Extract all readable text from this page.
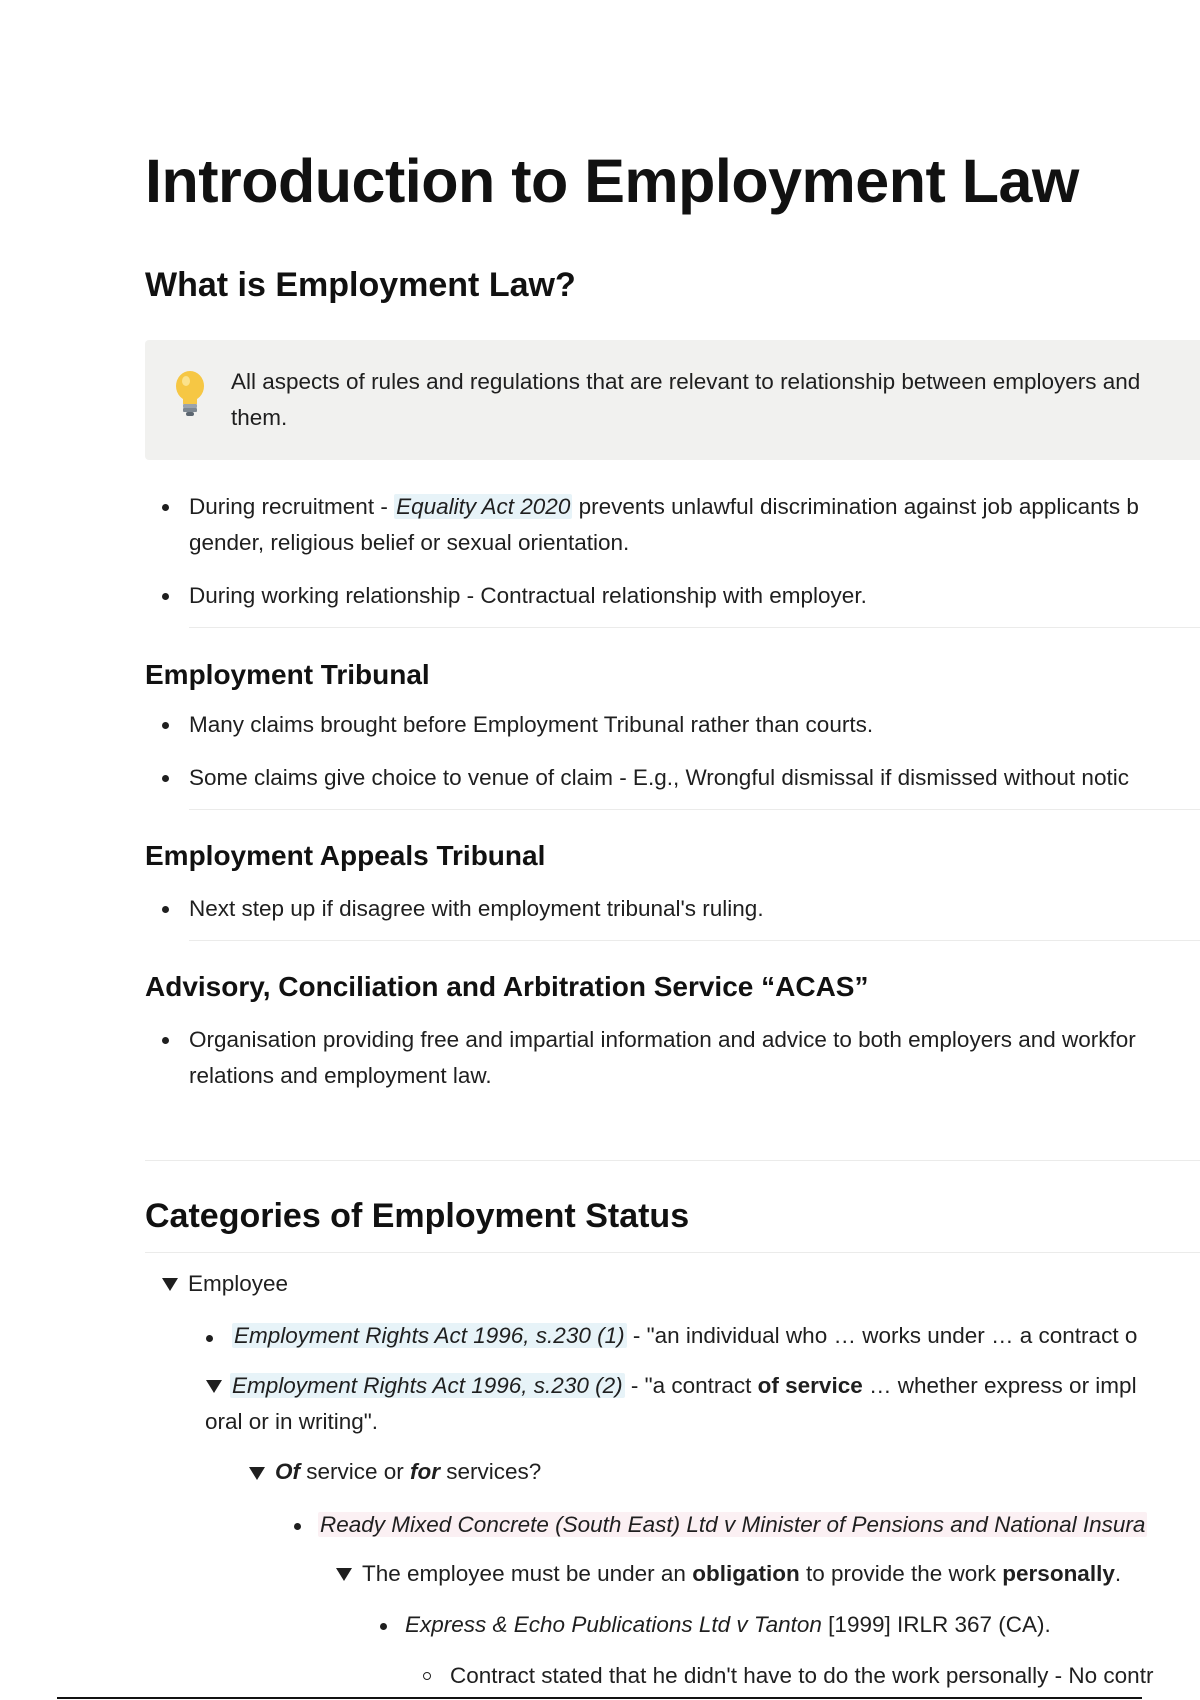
Introduction to Employment Law
What is Employment Law?
All aspects of rules and regulations that are relevant to relationship between employers and
them.
During recruitment - Equality Act 2020 prevents unlawful discrimination against job applicants b
gender, religious belief or sexual orientation.
During working relationship - Contractual relationship with employer.
Employment Tribunal
Many claims brought before Employment Tribunal rather than courts.
Some claims give choice to venue of claim - E.g., Wrongful dismissal if dismissed without notic
Employment Appeals Tribunal
Next step up if disagree with employment tribunal's ruling.
Advisory, Conciliation and Arbitration Service “ACAS”
Organisation providing free and impartial information and advice to both employers and workfor
relations and employment law.
Categories of Employment Status
Employee
Employment Rights Act 1996, s.230 (1) - "an individual who … works under … a contract o
Employment Rights Act 1996, s.230 (2) - "a contract of service … whether express or impl
oral or in writing".
Of service or for services?
Ready Mixed Concrete (South East) Ltd v Minister of Pensions and National Insura
The employee must be under an obligation to provide the work personally.
Express & Echo Publications Ltd v Tanton [1999] IRLR 367 (CA).
Contract stated that he didn't have to do the work personally - No contr
